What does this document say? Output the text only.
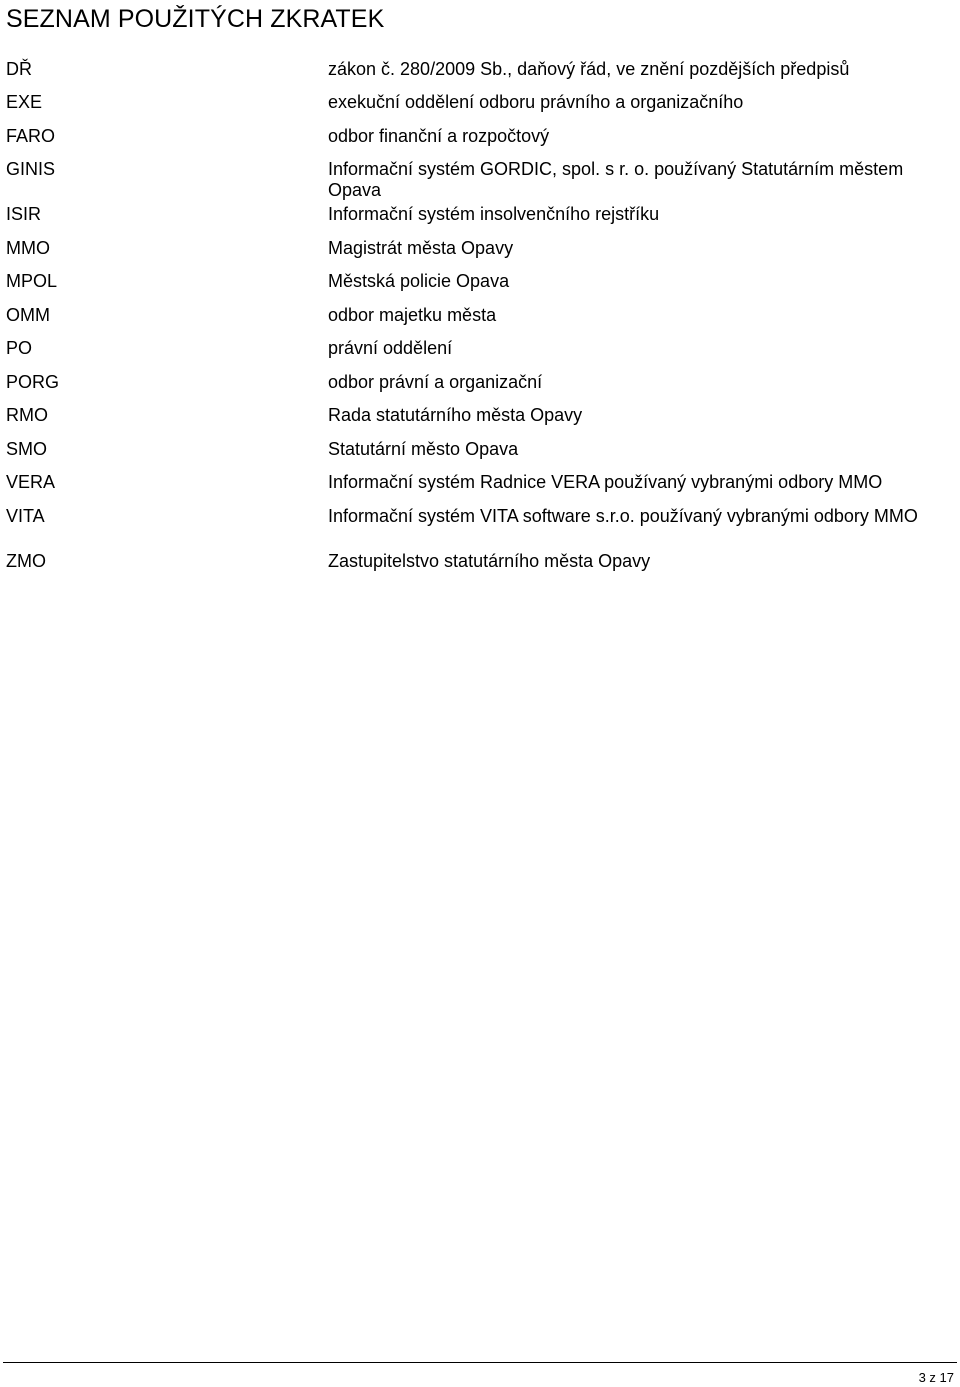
SEZNAM POUŽITÝCH ZKRATEK
DŘ	zákon č. 280/2009 Sb., daňový řád, ve znění pozdějších předpisů
EXE	exekuční oddělení odboru právního a organizačního
FARO	odbor finanční a rozpočtový
GINIS	Informační systém GORDIC, spol. s r. o. používaný Statutárním městem Opava
ISIR	Informační systém insolvenčního rejstříku
MMO	Magistrát města Opavy
MPOL	Městská policie Opava
OMM	odbor majetku města
PO	právní oddělení
PORG	odbor právní a organizační
RMO	Rada statutárního města Opavy
SMO	Statutární město Opava
VERA	Informační systém Radnice VERA používaný vybranými odbory MMO
VITA	Informační systém VITA software s.r.o. používaný vybranými odbory MMO
ZMO	Zastupitelstvo statutárního města Opavy
3 z 17
